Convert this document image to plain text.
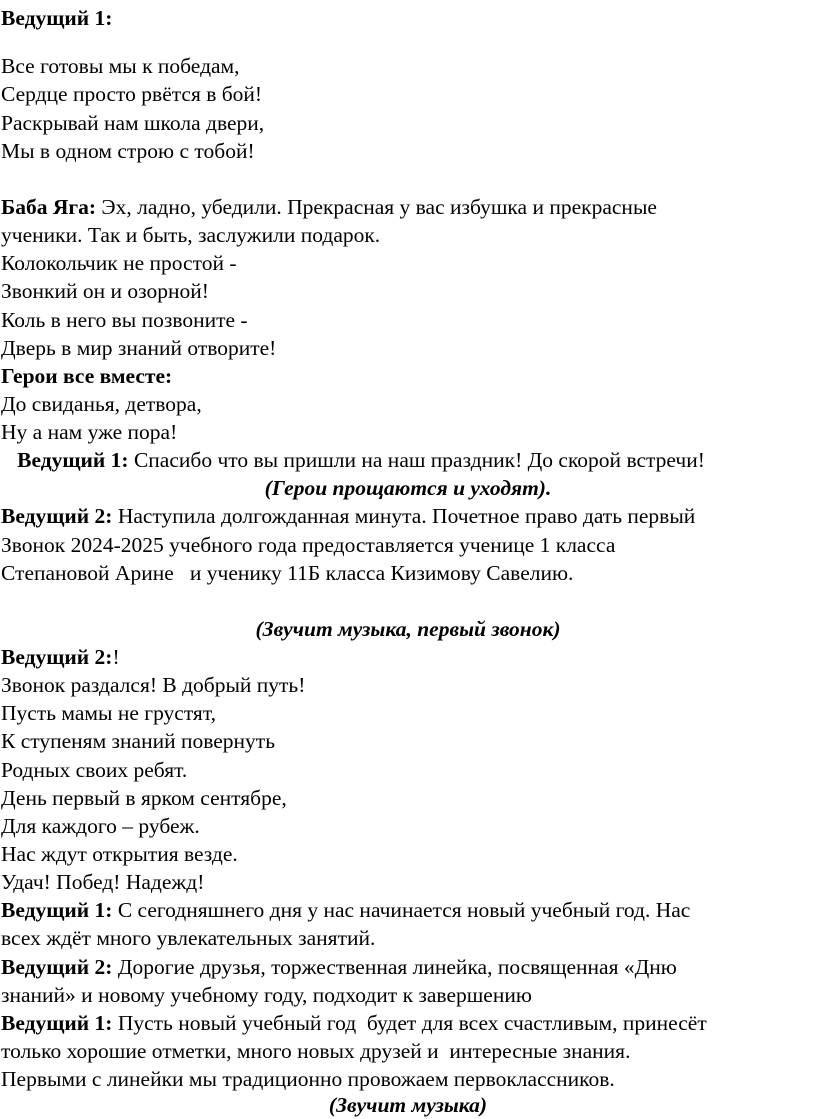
Ведущий 1:
Все готовы мы к победам,
Сердце просто рвётся в бой!
Раскрывай нам школа двери,
Мы в одном строю с тобой!
Баба Яга: Эх, ладно, убедили. Прекрасная у вас избушка и прекрасные
ученики. Так и быть, заслужили подарок.
Колокольчик не простой -
Звонкий он и озорной!
Коль в него вы позвоните -
Дверь в мир знаний отворите!
Герои все вместе:
До свиданья, детвора,
Ну а нам уже пора!
Ведущий 1: Спасибо что вы пришли на наш праздник! До скорой встречи!
(Герои прощаются и уходят).
Ведущий 2: Наступила долгожданная минута. Почетное право дать первый
Звонок 2024-2025 учебного года предоставляется ученице 1 класса
Степановой Арине   и ученику 11Б класса Кизимову Савелию.
(Звучит музыка, первый звонок)
Ведущий 2:!
Звонок раздался! В добрый путь!
Пусть мамы не грустят,
К ступеням знаний повернуть
Родных своих ребят.
День первый в ярком сентябре,
Для каждого – рубеж.
Нас ждут открытия везде.
Удач! Побед! Надежд!
Ведущий 1: С сегодняшнего дня у нас начинается новый учебный год. Нас
всех ждёт много увлекательных занятий.
Ведущий 2: Дорогие друзья, торжественная линейка, посвященная «Дню
знаний» и новому учебному году, подходит к завершению
Ведущий 1: Пусть новый учебный год  будет для всех счастливым, принесёт
только хорошие отметки, много новых друзей и  интересные знания.
Первыми с линейки мы традиционно провожаем первоклассников.
(Звучит музыка)
